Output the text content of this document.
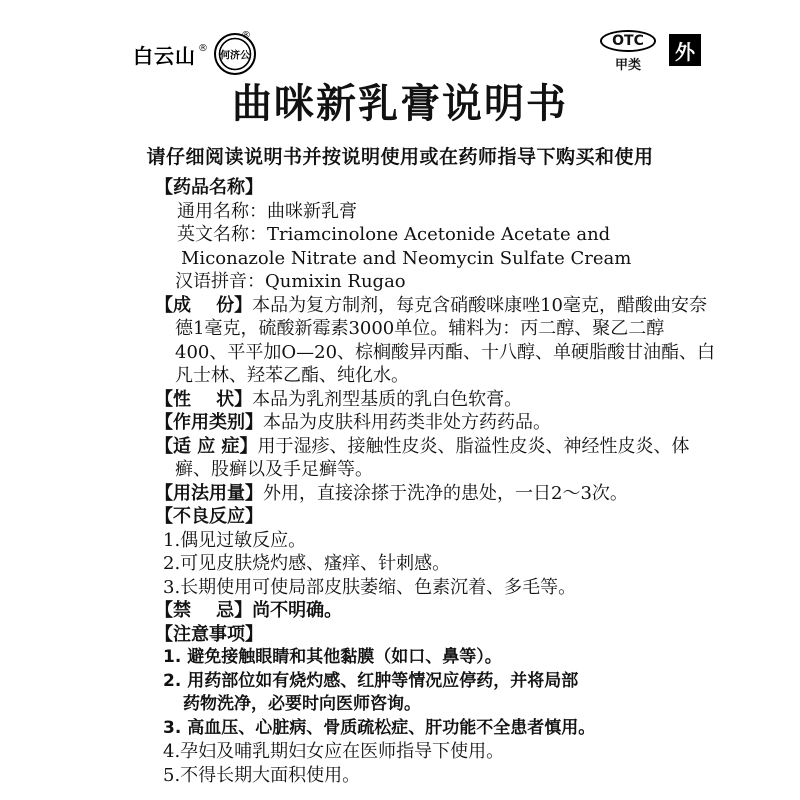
白云山 ®
何济公
®	OTC
甲类
外
曲咪新乳膏说明书
请仔细阅读说明书并按说明使用或在药师指导下购买和使用
【药品名称】
通用名称：曲咪新乳膏
英文名称：Triamcinolone Acetonide Acetate and
Miconazole Nitrate and Neomycin Sulfate Cream
汉语拼音：Qumixin Rugao
【成    份】本品为复方制剂，每克含硝酸咪康唑10毫克，醋酸曲安奈德1毫克，硫酸新霉素3000单位。辅料为：丙二醇、聚乙二醇400、平平加O—20、棕榈酸异丙酯、十八醇、单硬脂酸甘油酯、白凡士林、羟苯乙酯、纯化水。
【性    状】本品为乳剂型基质的乳白色软膏。
【作用类别】本品为皮肤科用药类非处方药药品。
【适 应 症】用于湿疹、接触性皮炎、脂溢性皮炎、神经性皮炎、体癣、股癣以及手足癣等。
【用法用量】外用，直接涂搽于洗净的患处，一日2～3次。
【不良反应】
1.偶见过敏反应。
2.可见皮肤烧灼感、瘙痒、针刺感。
3.长期使用可使局部皮肤萎缩、色素沉着、多毛等。
【禁    忌】尚不明确。
【注意事项】
1. 避免接触眼睛和其他黏膜（如口、鼻等）。
2. 用药部位如有烧灼感、红肿等情况应停药，并将局部
药物洗净，必要时向医师咨询。
3. 高血压、心脏病、骨质疏松症、肝功能不全患者慎用。
4.孕妇及哺乳期妇女应在医师指导下使用。
5.不得长期大面积使用。
